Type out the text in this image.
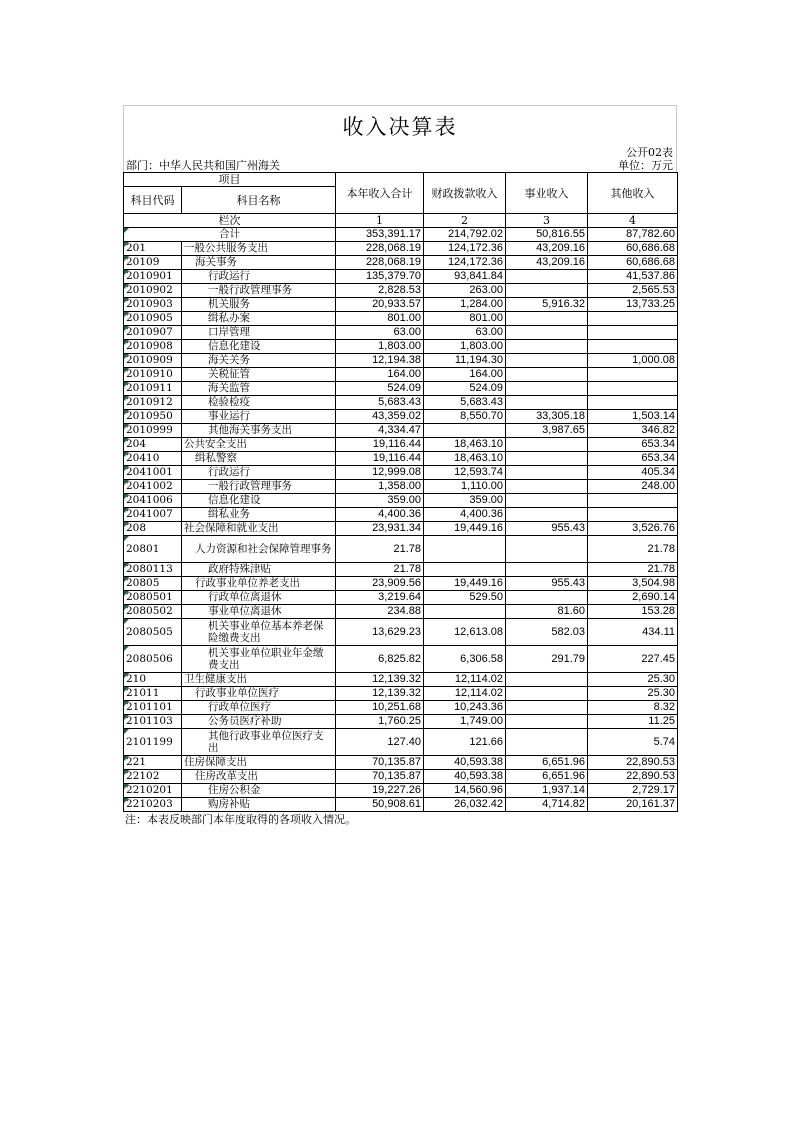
收入决算表
公开02表
部门：中华人民共和国广州海关	单位：万元
项目		本年收入合计	财政拨款收入	事业收入	其他收入
科目代码	科目名称				
栏次		1	2	3	4
合计		353,391.17	214,792.02	50,816.55	87,782.60
201	一般公共服务支出	228,068.19	124,172.36	43,209.16	60,686.68
20109	海关事务	228,068.19	124,172.36	43,209.16	60,686.68
2010901	行政运行	135,379.70	93,841.84		41,537.86
2010902	一般行政管理事务	2,828.53	263.00		2,565.53
2010903	机关服务	20,933.57	1,284.00	5,916.32	13,733.25
2010905	缉私办案	801.00	801.00		
2010907	口岸管理	63.00	63.00		
2010908	信息化建设	1,803.00	1,803.00		
2010909	海关关务	12,194.38	11,194.30		1,000.08
2010910	关税征管	164.00	164.00		
2010911	海关监管	524.09	524.09		
2010912	检验检疫	5,683.43	5,683.43		
2010950	事业运行	43,359.02	8,550.70	33,305.18	1,503.14
2010999	其他海关事务支出	4,334.47		3,987.65	346.82
204	公共安全支出	19,116.44	18,463.10		653.34
20410	缉私警察	19,116.44	18,463.10		653.34
2041001	行政运行	12,999.08	12,593.74		405.34
2041002	一般行政管理事务	1,358.00	1,110.00		248.00
2041006	信息化建设	359.00	359.00		
2041007	缉私业务	4,400.36	4,400.36		
208	社会保障和就业支出	23,931.34	19,449.16	955.43	3,526.76
20801	人力资源和社会保障管理事务	21.78			21.78
2080113	政府特殊津贴	21.78			21.78
20805	行政事业单位养老支出	23,909.56	19,449.16	955.43	3,504.98
2080501	行政单位离退休	3,219.64	529.50		2,690.14
2080502	事业单位离退休	234.88		81.60	153.28
2080505	机关事业单位基本养老保险缴费支出	13,629.23	12,613.08	582.03	434.11
2080506	机关事业单位职业年金缴费支出	6,825.82	6,306.58	291.79	227.45
210	卫生健康支出	12,139.32	12,114.02		25.30
21011	行政事业单位医疗	12,139.32	12,114.02		25.30
2101101	行政单位医疗	10,251.68	10,243.36		8.32
2101103	公务员医疗补助	1,760.25	1,749.00		11.25
2101199	其他行政事业单位医疗支出	127.40	121.66		5.74
221	住房保障支出	70,135.87	40,593.38	6,651.96	22,890.53
22102	住房改革支出	70,135.87	40,593.38	6,651.96	22,890.53
2210201	住房公积金	19,227.26	14,560.96	1,937.14	2,729.17
2210203	购房补贴	50,908.61	26,032.42	4,714.82	20,161.37
注：本表反映部门本年度取得的各项收入情况。
